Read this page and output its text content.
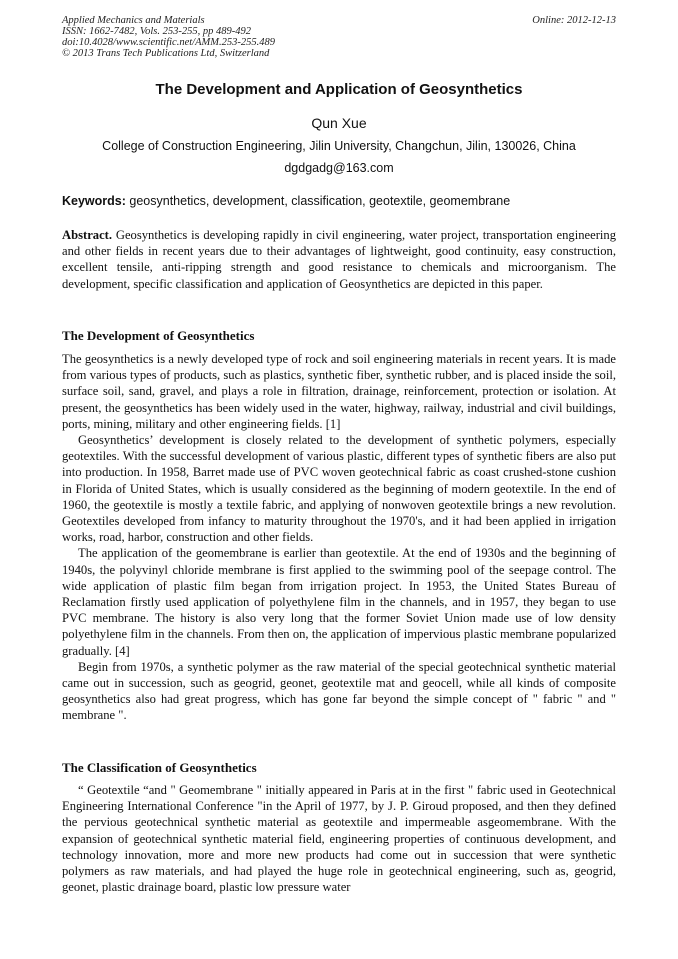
Applied Mechanics and Materials	Online: 2012-12-13
ISSN: 1662-7482, Vols. 253-255, pp 489-492
doi:10.4028/www.scientific.net/AMM.253-255.489
© 2013 Trans Tech Publications Ltd, Switzerland
The Development and Application of Geosynthetics
Qun Xue
College of Construction Engineering, Jilin University, Changchun, Jilin, 130026, China
dgdgadg@163.com
Keywords: geosynthetics, development, classification, geotextile, geomembrane

Abstract. Geosynthetics is developing rapidly in civil engineering, water project, transportation engineering and other fields in recent years due to their advantages of lightweight, good continuity, easy construction, excellent tensile, anti-ripping strength and good resistance to chemicals and microorganism. The development, specific classification and application of Geosynthetics are depicted in this paper.

The Development of Geosynthetics

The geosynthetics is a newly developed type of rock and soil engineering materials in recent years. It is made from various types of products, such as plastics, synthetic fiber, synthetic rubber, and is placed inside the soil, surface soil, sand, gravel, and plays a role in filtration, drainage, reinforcement, protection or isolation. At present, the geosynthetics has been widely used in the water, highway, railway, industrial and civil buildings, ports, mining, military and other engineering fields. [1]

Geosynthetics’ development is closely related to the development of synthetic polymers, especially geotextiles. With the successful development of various plastic, different types of synthetic fibers are also put into production. In 1958, Barret made use of PVC woven geotechnical fabric as coast crushed-stone cushion in Florida of United States, which is usually considered as the beginning of modern geotextile. In the end of 1960, the geotextile is mostly a textile fabric, and applying of nonwoven geotextile brings a new revolution. Geotextiles developed from infancy to maturity throughout the 1970's, and it had been applied in irrigation works, road, harbor, construction and other fields.

The application of the geomembrane is earlier than geotextile. At the end of 1930s and the beginning of 1940s, the polyvinyl chloride membrane is first applied to the swimming pool of the seepage control. The wide application of plastic film began from irrigation project. In 1953, the United States Bureau of Reclamation firstly used application of polyethylene film in the channels, and in 1957, they began to use PVC membrane. The history is also very long that the former Soviet Union made use of low density polyethylene film in the channels. From then on, the application of impervious plastic membrane popularized gradually. [4]

Begin from 1970s, a synthetic polymer as the raw material of the special geotechnical synthetic material came out in succession, such as geogrid, geonet, geotextile mat and geocell, while all kinds of composite geosynthetics also had great progress, which has gone far beyond the simple concept of " fabric " and " membrane ".

The Classification of Geosynthetics

“ Geotextile “and " Geomembrane " initially appeared in Paris at in the first " fabric used in Geotechnical Engineering International Conference "in the April of 1977, by J. P. Giroud proposed, and then they defined the pervious geotechnical synthetic material as geotextile and impermeable asgeomembrane. With the expansion of geotechnical synthetic material field, engineering properties of continuous development, and technology innovation, more and more new products had come out in succession that were synthetic polymers as raw materials, and had played the huge role in geotechnical engineering, such as, geogrid, geonet, plastic drainage board, plastic low pressure water
